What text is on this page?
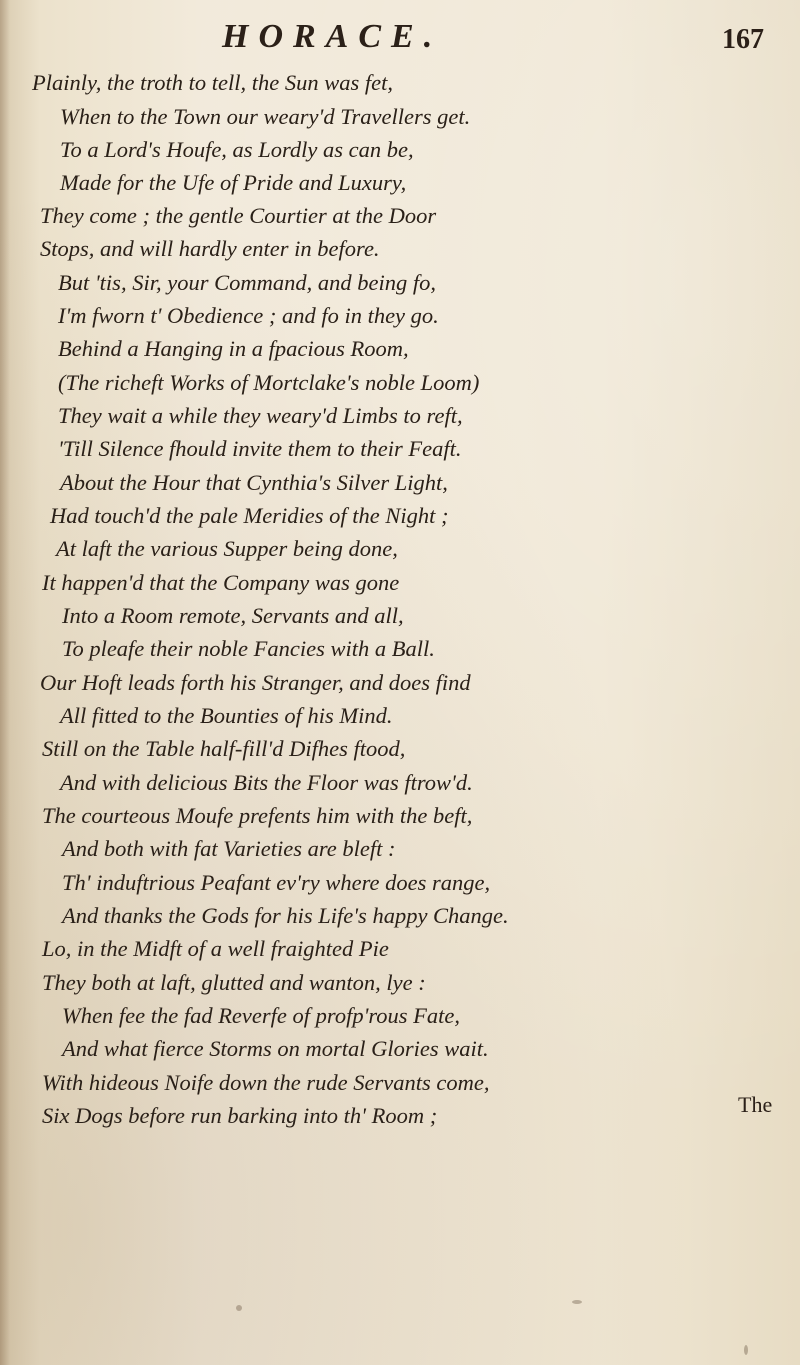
HORACE.	167
Plainly, the troth to tell, the Sun was fet,
When to the Town our weary'd Travellers get.
To a Lord's Houfe, as Lordly as can be,
Made for the Ufe of Pride and Luxury,
They come ; the gentle Courtier at the Door
Stops, and will hardly enter in before.
But 'tis, Sir, your Command, and being fo,
I'm fworn t' Obedience ; and fo in they go.
Behind a Hanging in a fpacious Room,
(The richeft Works of Mortclake's noble Loom)
They wait a while they weary'd Limbs to reft,
'Till Silence fhould invite them to their Feaft.
About the Hour that Cynthia's Silver Light,
Had touch'd the pale Meridies of the Night ;
At laft the various Supper being done,
It happen'd that the Company was gone
Into a Room remote, Servants and all,
To pleafe their noble Fancies with a Ball.
Our Hoft leads forth his Stranger, and does find
All fitted to the Bounties of his Mind.
Still on the Table half-fill'd Difhes ftood,
And with delicious Bits the Floor was ftrow'd.
The courteous Moufe prefents him with the beft,
And both with fat Varieties are bleft :
Th' induftrious Peafant ev'ry where does range,
And thanks the Gods for his Life's happy Change.
Lo, in the Midft of a well fraighted Pie
They both at laft, glutted and wanton, lye :
When fee the fad Reverfe of profp'rous Fate,
And what fierce Storms on mortal Glories wait.
With hideous Noife down the rude Servants come,
Six Dogs before run barking into th' Room ;	The
